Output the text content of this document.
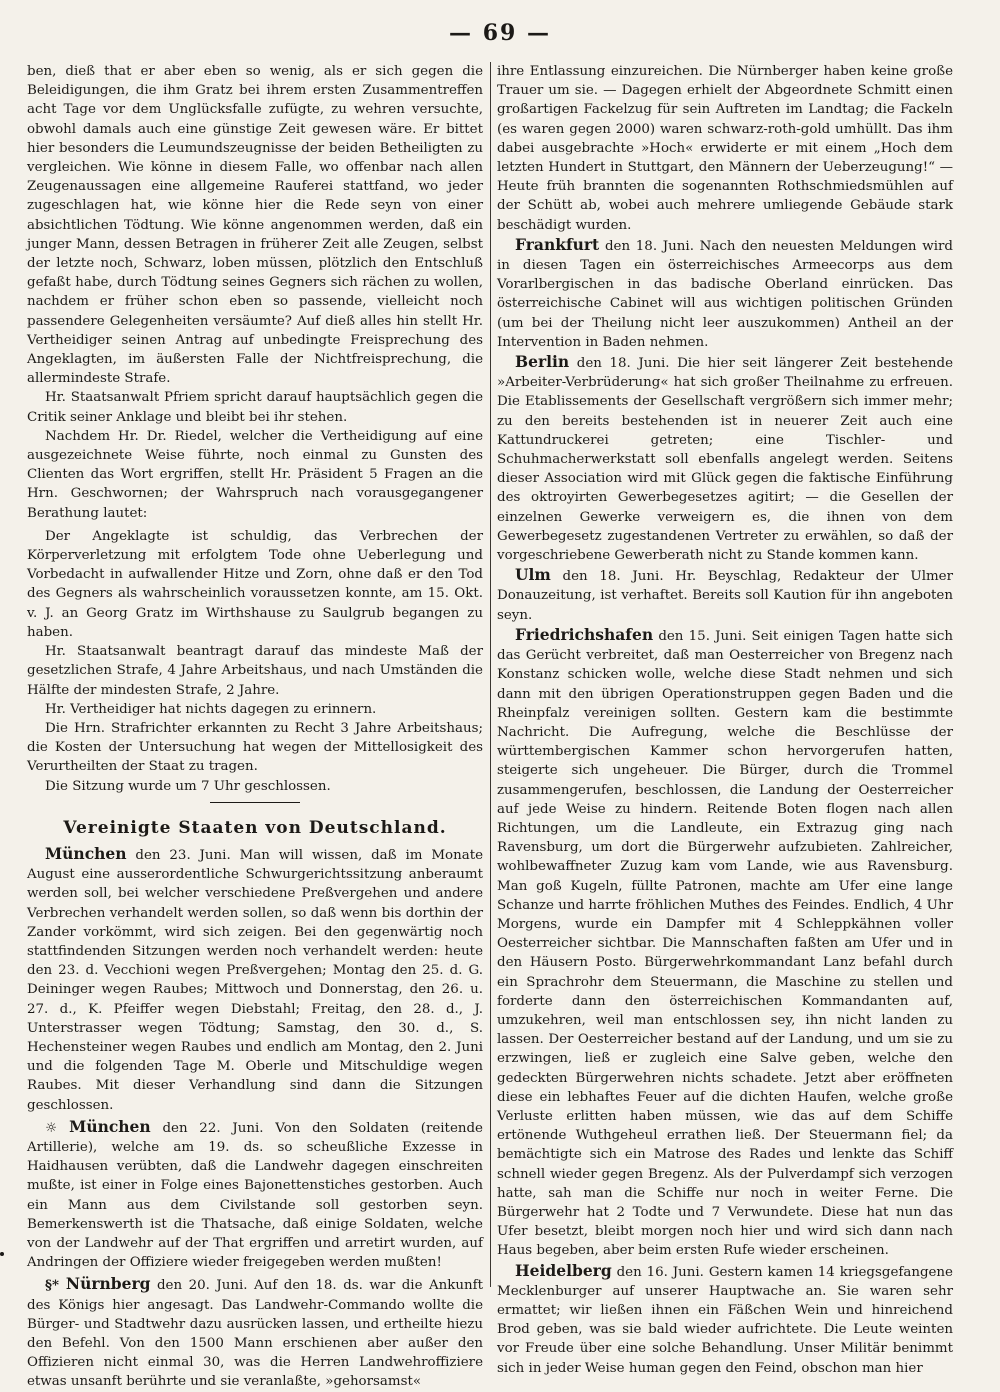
— 69 —

ben, dieß that er aber eben so wenig, als er sich gegen die Beleidigungen, die ihm Gratz bei ihrem ersten Zusammentreffen acht Tage vor dem Unglücksfalle zufügte, zu wehren versuchte, obwohl damals auch eine günstige Zeit gewesen wäre. Er bittet hier besonders die Leumundszeugnisse der beiden Betheiligten zu vergleichen. Wie könne in diesem Falle, wo offenbar nach allen Zeugenaussagen eine allgemeine Rauferei stattfand, wo jeder zugeschlagen hat, wie könne hier die Rede seyn von einer absichtlichen Tödtung. Wie könne angenommen werden, daß ein junger Mann, dessen Betragen in früherer Zeit alle Zeugen, selbst der letzte noch, Schwarz, loben müssen, plötzlich den Entschluß gefaßt habe, durch Tödtung seines Gegners sich rächen zu wollen, nachdem er früher schon eben so passende, vielleicht noch passendere Gelegenheiten versäumte? Auf dieß alles hin stellt Hr. Vertheidiger seinen Antrag auf unbedingte Freisprechung des Angeklagten, im äußersten Falle der Nichtfreisprechung, die allermindeste Strafe.

Hr. Staatsanwalt Pfriem spricht darauf hauptsächlich gegen die Critik seiner Anklage und bleibt bei ihr stehen.

Nachdem Hr. Dr. Riedel, welcher die Vertheidigung auf eine ausgezeichnete Weise führte, noch einmal zu Gunsten des Clienten das Wort ergriffen, stellt Hr. Präsident 5 Fragen an die Hrn. Geschwornen; der Wahrspruch nach vorausgegangener Berathung lautet:

Der Angeklagte ist schuldig, das Verbrechen der Körperverletzung mit erfolgtem Tode ohne Ueberlegung und Vorbedacht in aufwallender Hitze und Zorn, ohne daß er den Tod des Gegners als wahrscheinlich voraussetzen konnte, am 15. Okt. v. J. an Georg Gratz im Wirthshause zu Saulgrub begangen zu haben.

Hr. Staatsanwalt beantragt darauf das mindeste Maß der gesetzlichen Strafe, 4 Jahre Arbeitshaus, und nach Umständen die Hälfte der mindesten Strafe, 2 Jahre.

Hr. Vertheidiger hat nichts dagegen zu erinnern.

Die Hrn. Strafrichter erkannten zu Recht 3 Jahre Arbeitshaus; die Kosten der Untersuchung hat wegen der Mittellosigkeit des Verurtheilten der Staat zu tragen.

Die Sitzung wurde um 7 Uhr geschlossen.

Vereinigte Staaten von Deutschland.

München den 23. Juni. Man will wissen, daß im Monate August eine ausserordentliche Schwurgerichtssitzung anberaumt werden soll, bei welcher verschiedene Preßvergehen und andere Verbrechen verhandelt werden sollen, so daß wenn bis dorthin der Zander vorkömmt, wird sich zeigen. Bei den gegenwärtig noch stattfindenden Sitzungen werden noch verhandelt werden: heute den 23. d. Vecchioni wegen Preßvergehen; Montag den 25. d. G. Deininger wegen Raubes; Mittwoch und Donnerstag, den 26. u. 27. d., K. Pfeiffer wegen Diebstahl; Freitag, den 28. d., J. Unterstrasser wegen Tödtung; Samstag, den 30. d., S. Hechensteiner wegen Raubes und endlich am Montag, den 2. Juni und die folgenden Tage M. Oberle und Mitschuldige wegen Raubes. Mit dieser Verhandlung sind dann die Sitzungen geschlossen.

☼ München den 22. Juni. Von den Soldaten (reitende Artillerie), welche am 19. ds. so scheußliche Exzesse in Haidhausen verübten, daß die Landwehr dagegen einschreiten mußte, ist einer in Folge eines Bajonettenstiches gestorben. Auch ein Mann aus dem Civilstande soll gestorben seyn. Bemerkenswerth ist die Thatsache, daß einige Soldaten, welche von der Landwehr auf der That ergriffen und arretirt wurden, auf Andringen der Offiziere wieder freigegeben werden mußten!

§* Nürnberg den 20. Juni. Auf den 18. ds. war die Ankunft des Königs hier angesagt. Das Landwehr-Commando wollte die Bürger- und Stadtwehr dazu ausrücken lassen, und ertheilte hiezu den Befehl. Von den 1500 Mann erschienen aber außer den Offizieren nicht einmal 30, was die Herren Landwehroffiziere etwas unsanft berührte und sie veranlaßte, »gehorsamst«

ihre Entlassung einzureichen. Die Nürnberger haben keine große Trauer um sie. — Dagegen erhielt der Abgeordnete Schmitt einen großartigen Fackelzug für sein Auftreten im Landtag; die Fackeln (es waren gegen 2000) waren schwarz-roth-gold umhüllt. Das ihm dabei ausgebrachte »Hoch« erwiderte er mit einem „Hoch dem letzten Hundert in Stuttgart, den Männern der Ueberzeugung!“ — Heute früh brannten die sogenannten Rothschmiedsmühlen auf der Schütt ab, wobei auch mehrere umliegende Gebäude stark beschädigt wurden.

Frankfurt den 18. Juni. Nach den neuesten Meldungen wird in diesen Tagen ein österreichisches Armeecorps aus dem Vorarlbergischen in das badische Oberland einrücken. Das österreichische Cabinet will aus wichtigen politischen Gründen (um bei der Theilung nicht leer auszukommen) Antheil an der Intervention in Baden nehmen.

Berlin den 18. Juni. Die hier seit längerer Zeit bestehende »Arbeiter-Verbrüderung« hat sich großer Theilnahme zu erfreuen. Die Etablissements der Gesellschaft vergrößern sich immer mehr; zu den bereits bestehenden ist in neuerer Zeit auch eine Kattundruckerei getreten; eine Tischler- und Schuhmacherwerkstatt soll ebenfalls angelegt werden. Seitens dieser Association wird mit Glück gegen die faktische Einführung des oktroyirten Gewerbegesetzes agitirt; — die Gesellen der einzelnen Gewerke verweigern es, die ihnen von dem Gewerbegesetz zugestandenen Vertreter zu erwählen, so daß der vorgeschriebene Gewerberath nicht zu Stande kommen kann.

Ulm den 18. Juni. Hr. Beyschlag, Redakteur der Ulmer Donauzeitung, ist verhaftet. Bereits soll Kaution für ihn angeboten seyn.

Friedrichshafen den 15. Juni. Seit einigen Tagen hatte sich das Gerücht verbreitet, daß man Oesterreicher von Bregenz nach Konstanz schicken wolle, welche diese Stadt nehmen und sich dann mit den übrigen Operationstruppen gegen Baden und die Rheinpfalz vereinigen sollten. Gestern kam die bestimmte Nachricht. Die Aufregung, welche die Beschlüsse der württembergischen Kammer schon hervorgerufen hatten, steigerte sich ungeheuer. Die Bürger, durch die Trommel zusammengerufen, beschlossen, die Landung der Oesterreicher auf jede Weise zu hindern. Reitende Boten flogen nach allen Richtungen, um die Landleute, ein Extrazug ging nach Ravensburg, um dort die Bürgerwehr aufzubieten. Zahlreicher, wohlbewaffneter Zuzug kam vom Lande, wie aus Ravensburg. Man goß Kugeln, füllte Patronen, machte am Ufer eine lange Schanze und harrte fröhlichen Muthes des Feindes. Endlich, 4 Uhr Morgens, wurde ein Dampfer mit 4 Schleppkähnen voller Oesterreicher sichtbar. Die Mannschaften faßten am Ufer und in den Häusern Posto. Bürgerwehrkommandant Lanz befahl durch ein Sprachrohr dem Steuermann, die Maschine zu stellen und forderte dann den österreichischen Kommandanten auf, umzukehren, weil man entschlossen sey, ihn nicht landen zu lassen. Der Oesterreicher bestand auf der Landung, und um sie zu erzwingen, ließ er zugleich eine Salve geben, welche den gedeckten Bürgerwehren nichts schadete. Jetzt aber eröffneten diese ein lebhaftes Feuer auf die dichten Haufen, welche große Verluste erlitten haben müssen, wie das auf dem Schiffe ertönende Wuthgeheul errathen ließ. Der Steuermann fiel; da bemächtigte sich ein Matrose des Rades und lenkte das Schiff schnell wieder gegen Bregenz. Als der Pulverdampf sich verzogen hatte, sah man die Schiffe nur noch in weiter Ferne. Die Bürgerwehr hat 2 Todte und 7 Verwundete. Diese hat nun das Ufer besetzt, bleibt morgen noch hier und wird sich dann nach Haus begeben, aber beim ersten Rufe wieder erscheinen.

Heidelberg den 16. Juni. Gestern kamen 14 kriegsgefangene Mecklenburger auf unserer Hauptwache an. Sie waren sehr ermattet; wir ließen ihnen ein Fäßchen Wein und hinreichend Brod geben, was sie bald wieder aufrichtete. Die Leute weinten vor Freude über eine solche Behandlung. Unser Militär benimmt sich in jeder Weise human gegen den Feind, obschon man hier
